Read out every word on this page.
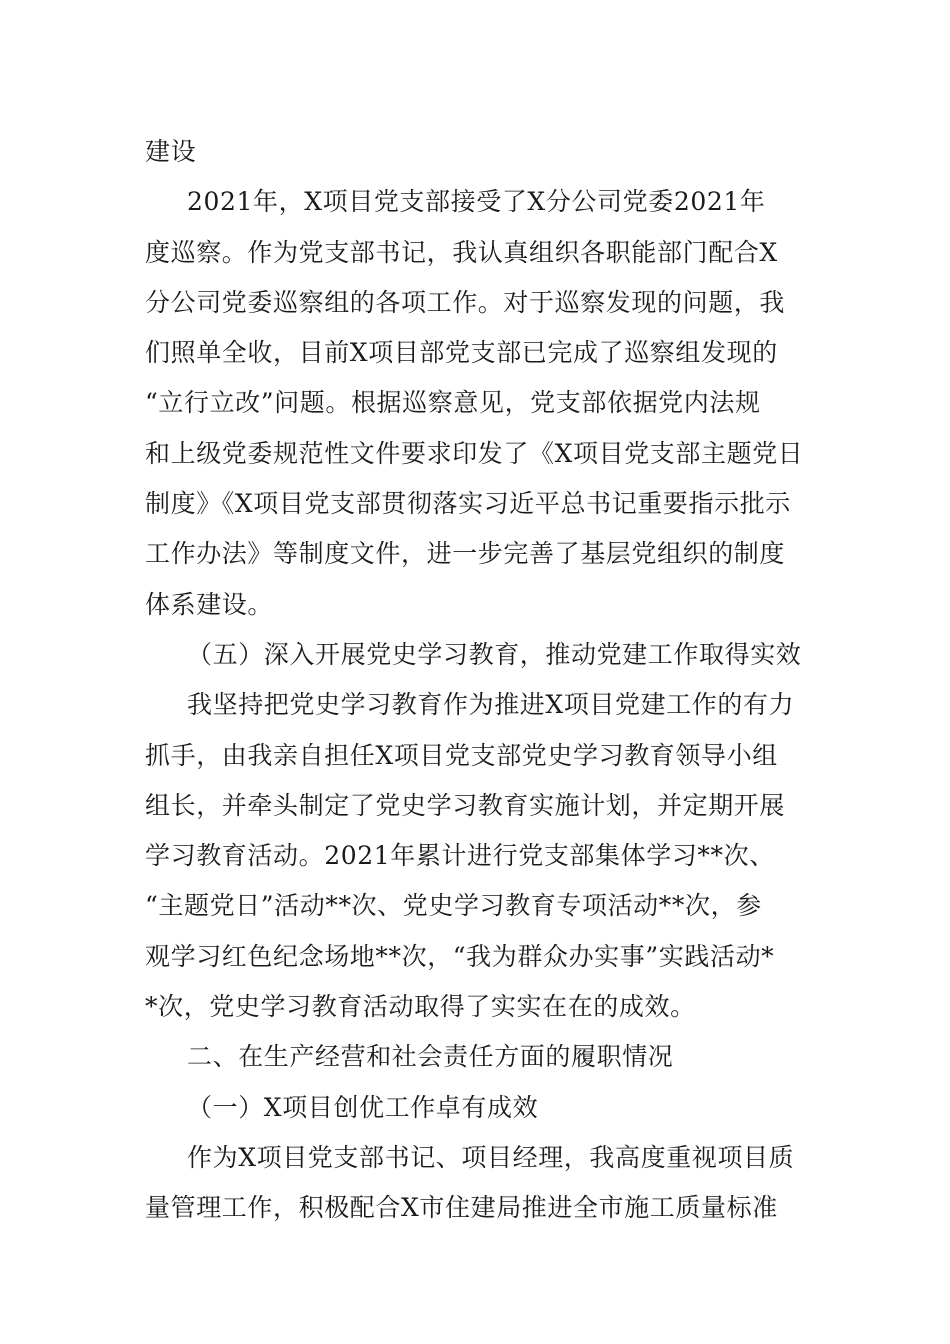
建设
2021年，X项目党支部接受了X分公司党委2021年
度巡察。作为党支部书记，我认真组织各职能部门配合X
分公司党委巡察组的各项工作。对于巡察发现的问题，我
们照单全收，目前X项目部党支部已完成了巡察组发现的
“立行立改”问题。根据巡察意见，党支部依据党内法规
和上级党委规范性文件要求印发了《X项目党支部主题党日
制度》《X项目党支部贯彻落实习近平总书记重要指示批示
工作办法》等制度文件，进一步完善了基层党组织的制度
体系建设。
（五）深入开展党史学习教育，推动党建工作取得实效
我坚持把党史学习教育作为推进X项目党建工作的有力
抓手，由我亲自担任X项目党支部党史学习教育领导小组
组长，并牵头制定了党史学习教育实施计划，并定期开展
学习教育活动。2021年累计进行党支部集体学习**次、
“主题党日”活动**次、党史学习教育专项活动**次，参
观学习红色纪念场地**次，“我为群众办实事”实践活动*
*次，党史学习教育活动取得了实实在在的成效。
二、在生产经营和社会责任方面的履职情况
（一）X项目创优工作卓有成效
作为X项目党支部书记、项目经理，我高度重视项目质
量管理工作，积极配合X市住建局推进全市施工质量标准
